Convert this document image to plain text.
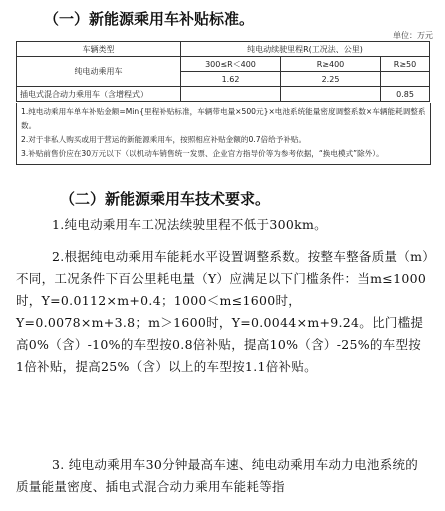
（一）新能源乘用车补贴标准。
单位：万元
车辆类型	纯电动续驶里程R(工况法、公里)		
纯电动乘用车	300≤R＜400	R≥400	R≥50
	1.62	2.25	
插电式混合动力乘用车（含增程式）			0.85
1.纯电动乘用车单车补贴金额=Min{里程补贴标准，车辆带电量×500元}×电池系统能量密度调整系数×车辆能耗调整系数。
2.对于非私人购买或用于营运的新能源乘用车，按照相应补贴金额的0.7倍给予补贴。
3.补贴前售价应在30万元以下（以机动车销售统一发票、企业官方指导价等为参考依据，“换电模式”除外）。
（二）新能源乘用车技术要求。
1.纯电动乘用车工况法续驶里程不低于300km。
2.根据纯电动乘用车能耗水平设置调整系数。按整车整备质量（m）不同，工况条件下百公里耗电量（Y）应满足以下门槛条件：当m≤1000时，Y=0.0112×m+0.4；1000＜m≤1600时，Y=0.0078×m+3.8；m＞1600时，Y=0.0044×m+9.24。比门槛提高0%（含）-10%的车型按0.8倍补贴，提高10%（含）-25%的车型按1倍补贴，提高25%（含）以上的车型按1.1倍补贴。
3. 纯电动乘用车30分钟最高车速、纯电动乘用车动力电池系统的质量能量密度、插电式混合动力乘用车能耗等指
